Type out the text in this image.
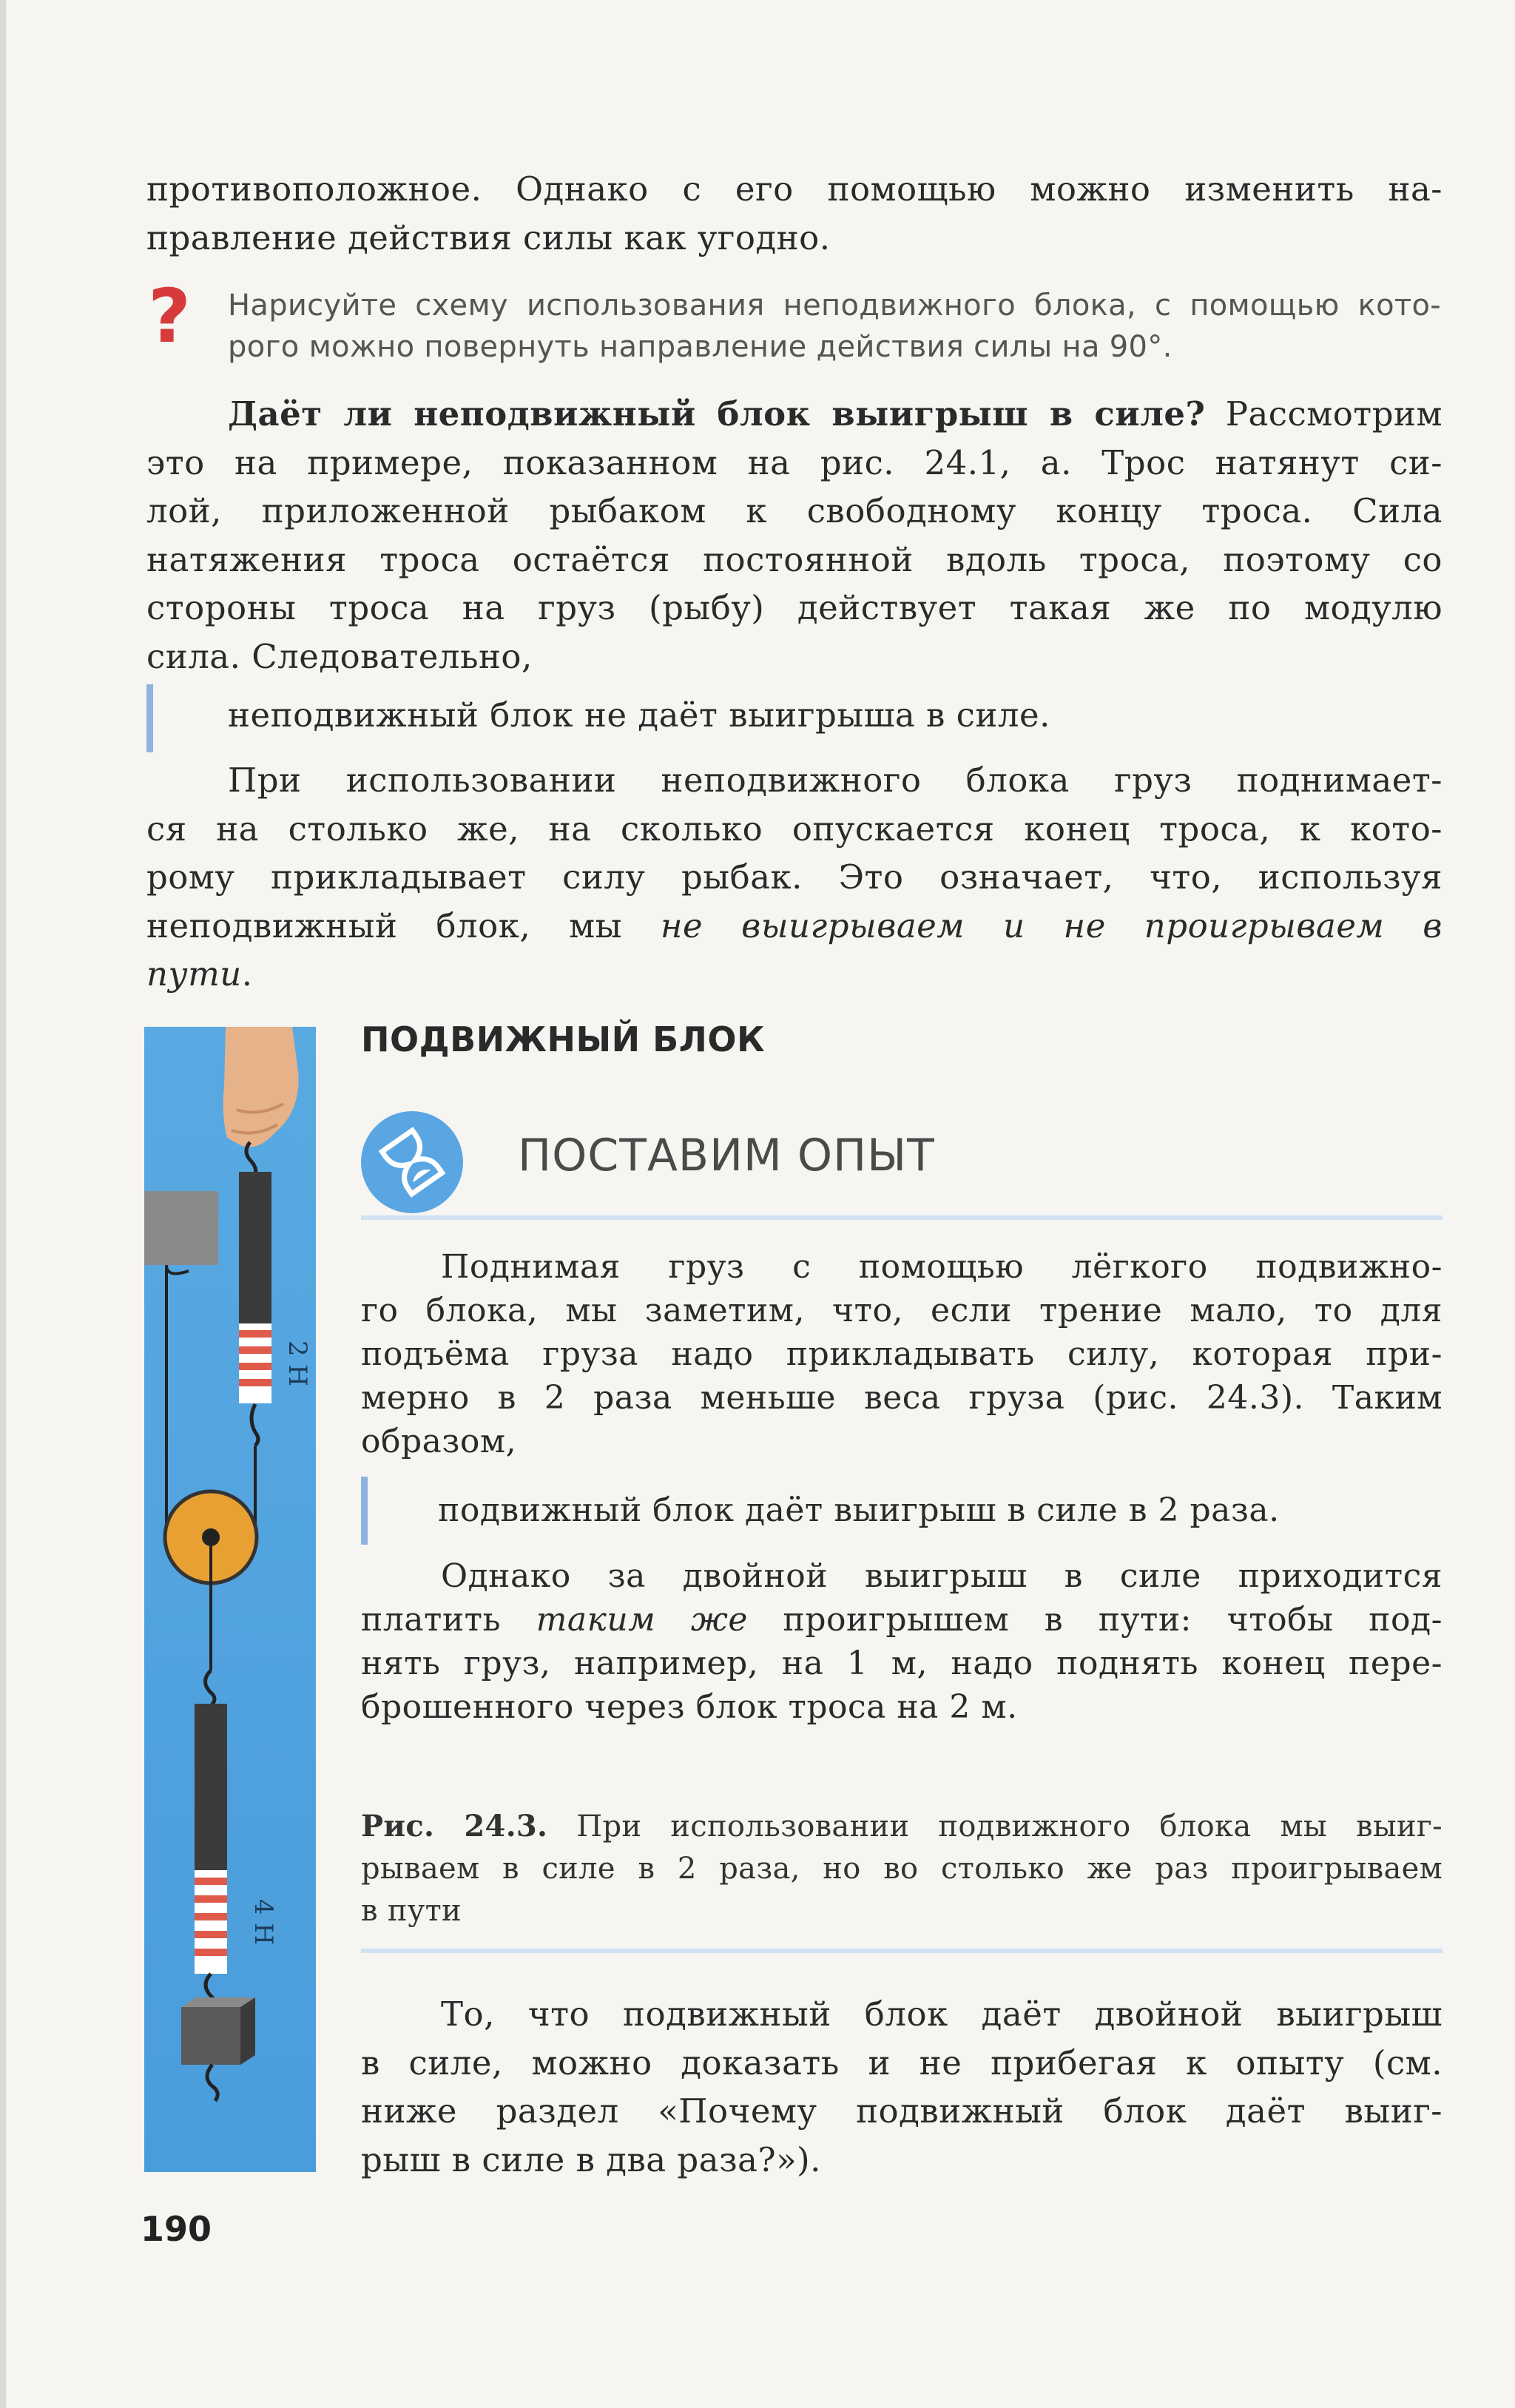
противоположное. Однако с его помощью можно изменить на-
правление действия силы как угодно.

? Нарисуйте схему использования неподвижного блока, с помощью кото-
рого можно повернуть направление действия силы на 90°.

Даёт ли неподвижный блок выигрыш в силе? Рассмотрим
это на примере, показанном на рис. 24.1, а. Трос натянут си-
лой, приложенной рыбаком к свободному концу троса. Сила
натяжения троса остаётся постоянной вдоль троса, поэтому со
стороны троса на груз (рыбу) действует такая же по модулю
сила. Следовательно,

неподвижный блок не даёт выигрыша в силе.

При использовании неподвижного блока груз поднимает-
ся на столько же, на сколько опускается конец троса, к кото-
рому прикладывает силу рыбак. Это означает, что, используя
неподвижный блок, мы не выигрываем и не проигрываем в
пути.

2 Н
4 Н
ПОДВИЖНЫЙ БЛОК
ПОСТАВИМ ОПЫТ

Поднимая груз с помощью лёгкого подвижно-
го блока, мы заметим, что, если трение мало, то для
подъёма груза надо прикладывать силу, которая при-
мерно в 2 раза меньше веса груза (рис. 24.3). Таким
образом,

подвижный блок даёт выигрыш в силе в 2 раза.

Однако за двойной выигрыш в силе приходится
платить таким же проигрышем в пути: чтобы под-
нять груз, например, на 1 м, надо поднять конец пере-
брошенного через блок троса на 2 м.

Рис. 24.3. При использовании подвижного блока мы выиг-
рываем в силе в 2 раза, но во столько же раз проигрываем
в пути

То, что подвижный блок даёт двойной выигрыш
в силе, можно доказать и не прибегая к опыту (см.
ниже раздел «Почему подвижный блок даёт выиг-
рыш в силе в два раза?»).

190
